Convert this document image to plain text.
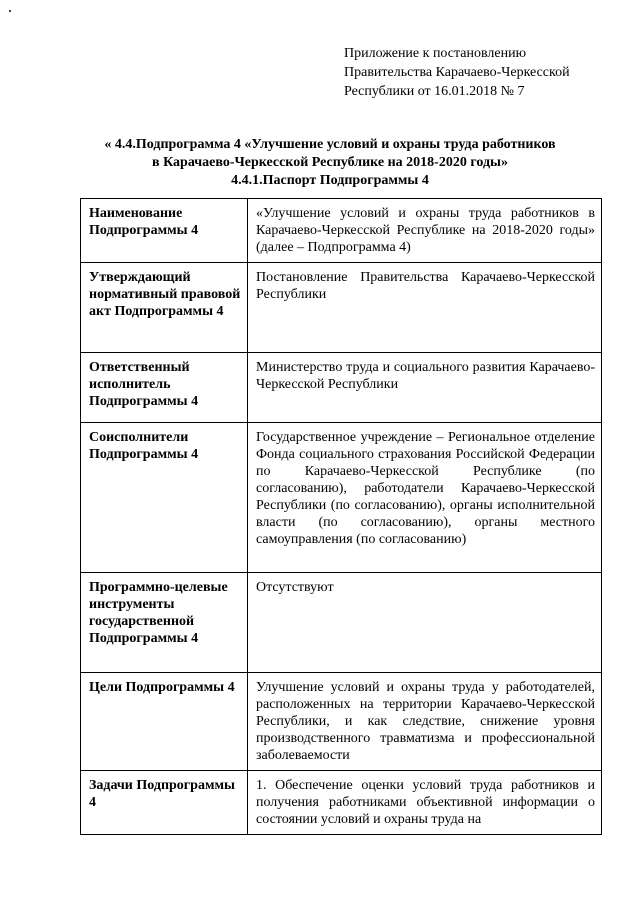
Приложение к постановлению
Правительства Карачаево-Черкесской
Республики от 16.01.2018 № 7
« 4.4.Подпрограмма 4 «Улучшение условий и охраны труда работников
в Карачаево-Черкесской Республике на 2018-2020 годы»
4.4.1.Паспорт Подпрограммы 4
Наименование Подпрограммы 4	«Улучшение условий и охраны труда работников в Карачаево-Черкесской Республике на 2018-2020 годы» (далее – Подпрограмма 4)
Утверждающий нормативный правовой акт Подпрограммы 4	Постановление Правительства Карачаево-Черкесской Республики
Ответственный исполнитель Подпрограммы 4	Министерство труда и социального развития Карачаево-Черкесской Республики
Соисполнители Подпрограммы 4	Государственное учреждение – Региональное отделение Фонда социального страхования Российской Федерации по Карачаево-Черкесской Республике (по согласованию), работодатели Карачаево-Черкесской Республики (по согласованию), органы исполнительной власти (по согласованию), органы местного самоуправления (по согласованию)
Программно-целевые инструменты государственной Подпрограммы 4	Отсутствуют
Цели Подпрограммы 4	Улучшение условий и охраны труда у работодателей, расположенных на территории Карачаево-Черкесской Республики, и как следствие, снижение уровня производственного травматизма и профессиональной заболеваемости
Задачи Подпрограммы 4	1. Обеспечение оценки условий труда работников и получения работниками объективной информации о состоянии условий и охраны труда на
